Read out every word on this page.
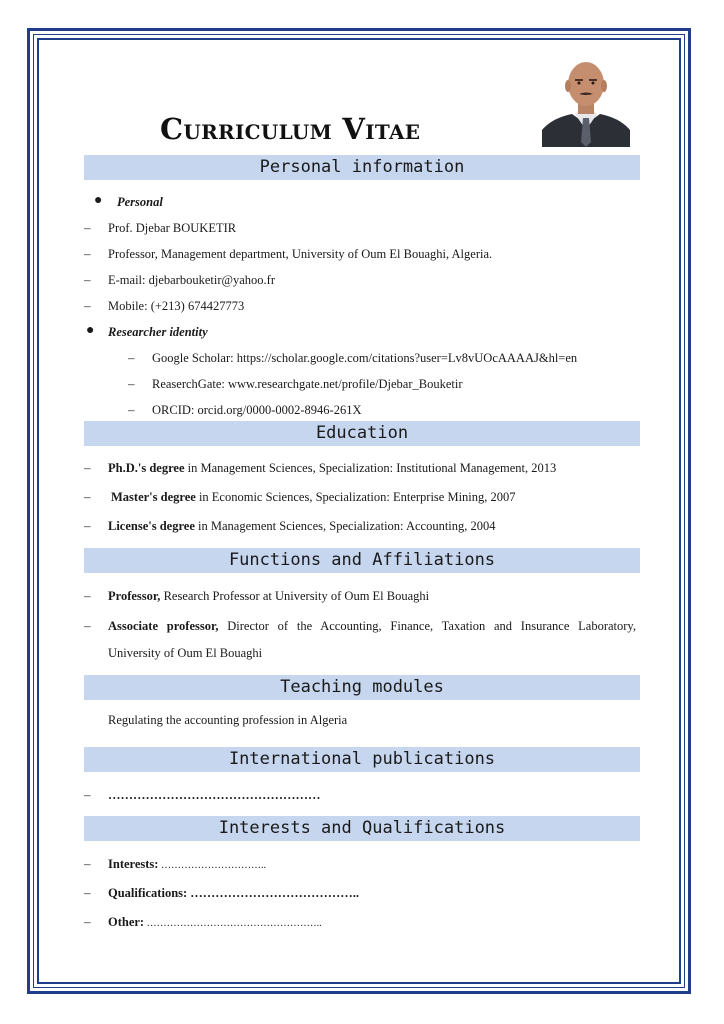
Curriculum Vitae
Personal information
● Personal
– Prof. Djebar BOUKETIR
– Professor, Management department, University of Oum El Bouaghi, Algeria.
– E-mail: djebarbouketir@yahoo.fr
– Mobile: (+213) 674427773
● Researcher identity
– Google Scholar: https://scholar.google.com/citations?user=Lv8vUOcAAAAJ&hl=en
– ReaserchGate: www.researchgate.net/profile/Djebar_Bouketir
– ORCID: orcid.org/0000-0002-8946-261X
Education
– Ph.D.'s degree in Management Sciences, Specialization: Institutional Management, 2013
– Master's degree in Economic Sciences, Specialization: Enterprise Mining, 2007
– License's degree in Management Sciences, Specialization: Accounting, 2004
Functions and Affiliations
– Professor, Research Professor at University of Oum El Bouaghi
– Associate professor, Director of the Accounting, Finance, Taxation and Insurance Laboratory,
University of Oum El Bouaghi
Teaching modules
Regulating the accounting profession in Algeria
International publications
– ……………………………………………
Interests and Qualifications
– Interests: …………………………..
– Qualifications: …………………………………..
– Other: ……………………………………………..
